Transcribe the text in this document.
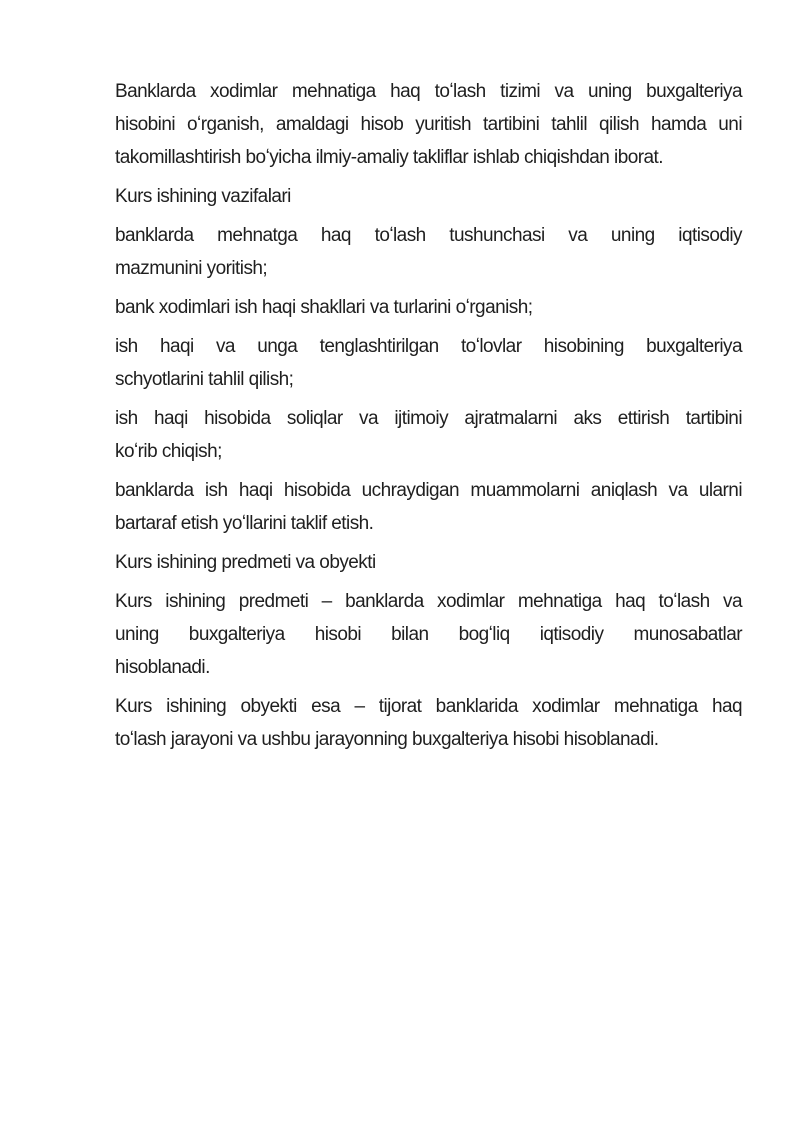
Banklarda xodimlar mehnatiga haq toʻlash tizimi va uning buxgalteriya
hisobini oʻrganish, amaldagi hisob yuritish tartibini tahlil qilish hamda uni
takomillashtirish boʻyicha ilmiy-amaliy takliflar ishlab chiqishdan iborat.
Kurs ishining vazifalari
banklarda mehnatga haq toʻlash tushunchasi va uning iqtisodiy
mazmunini yoritish;
bank xodimlari ish haqi shakllari va turlarini oʻrganish;
ish haqi va unga tenglashtirilgan toʻlovlar hisobining buxgalteriya
schyotlarini tahlil qilish;
ish haqi hisobida soliqlar va ijtimoiy ajratmalarni aks ettirish tartibini
koʻrib chiqish;
banklarda ish haqi hisobida uchraydigan muammolarni aniqlash va ularni
bartaraf etish yoʻllarini taklif etish.
Kurs ishining predmeti va obyekti
Kurs ishining predmeti – banklarda xodimlar mehnatiga haq toʻlash va
uning buxgalteriya hisobi bilan bogʻliq iqtisodiy munosabatlar
hisoblanadi.
Kurs ishining obyekti esa – tijorat banklarida xodimlar mehnatiga haq
toʻlash jarayoni va ushbu jarayonning buxgalteriya hisobi hisoblanadi.
